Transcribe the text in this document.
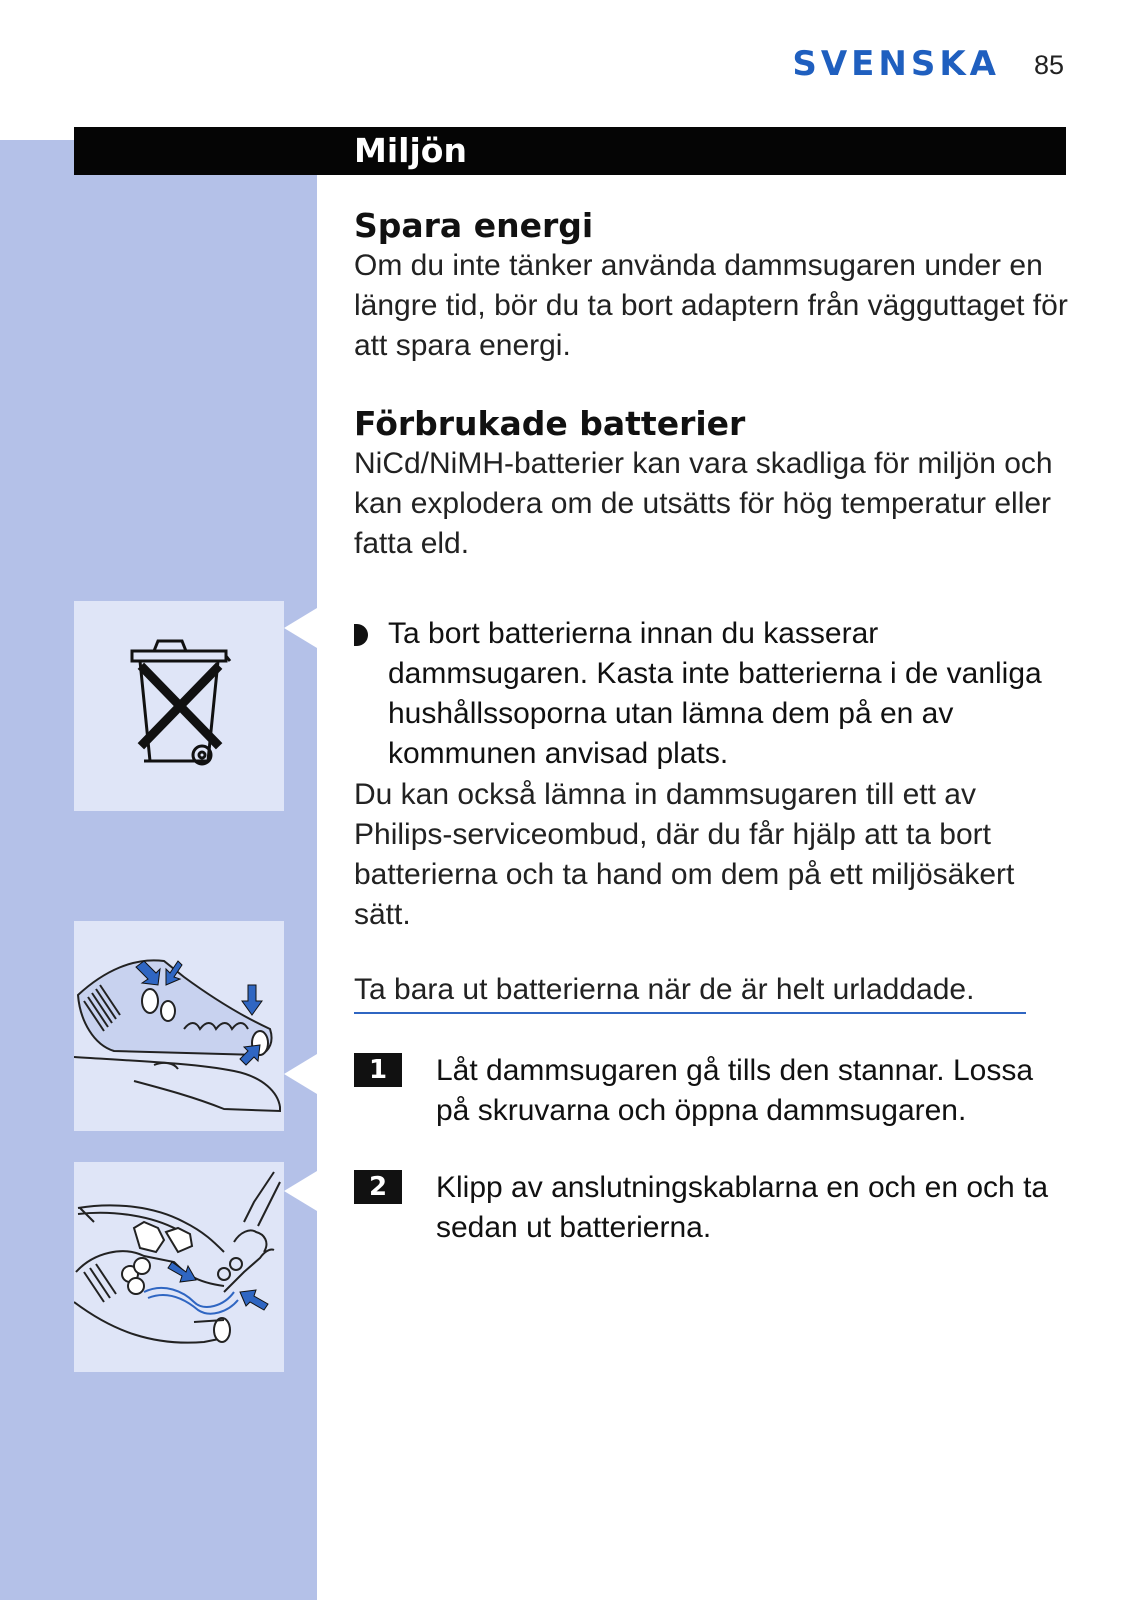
SVENSKA 85
Miljön
Spara energi

Om du inte tänker använda dammsugaren under en längre tid, bör du ta bort adaptern från vägguttaget för att spara energi.

Förbrukade batterier

NiCd/NiMH-batterier kan vara skadliga för miljön och kan explodera om de utsätts för hög temperatur eller fatta eld.

Ta bort batterierna innan du kasserar dammsugaren. Kasta inte batterierna i de vanliga hushållssoporna utan lämna dem på en av kommunen anvisad plats.

Du kan också lämna in dammsugaren till ett av Philips-serviceombud, där du får hjälp att ta bort batterierna och ta hand om dem på ett miljösäkert sätt.

Ta bara ut batterierna när de är helt urladdade.
1	Låt dammsugaren gå tills den stannar. Lossa på skruvarna och öppna dammsugaren.

2	Klipp av anslutningskablarna en och en och ta sedan ut batterierna.
